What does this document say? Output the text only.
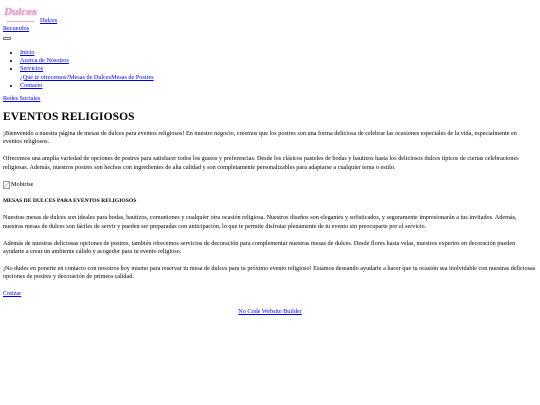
Dulces
Dulces
Recuerdos
• Inicio
• Acerca de Nosotros
• Servicios
¿Qué te ofrecemos?Mesas de DulcesMesas de Postres
• Contacto
Redes Sociales
EVENTOS RELIGIOSOS

¡Bienvenido a nuestra página de mesas de dulces para eventos religiosos! En nuestro negocio, creemos que los postres son una forma deliciosa de celebrar las ocasiones especiales de la vida, especialmente en eventos religiosos.

Ofrecemos una amplia variedad de opciones de postres para satisfacer todos los gustos y preferencias. Desde los clásicos pasteles de bodas y bautizos hasta los deliciosos dulces típicos de ciertas celebraciones religiosas. Además, nuestros postres son hechos con ingredientes de alta calidad y son completamente personalizables para adaptarse a cualquier tema o estilo.

Mobirise

MESAS DE DULCES PARA EVENTOS RELIGIOSOS

Nuestras mesas de dulces son ideales para bodas, bautizos, comuniones y cualquier otra ocasión religiosa. Nuestros diseños son elegantes y sofisticados, y seguramente impresionarán a tus invitados. Además, nuestras mesas de dulces son fáciles de servir y pueden ser preparadas con anticipación, lo que te permite disfrutar plenamente de tu evento sin preocuparte por el servicio.

Además de nuestras deliciosas opciones de postres, también ofrecemos servicios de decoración para complementar nuestras mesas de dulces. Desde flores hasta velas, nuestros expertos en decoración pueden ayudarte a crear un ambiente cálido y acogedor para tu evento religioso.

¡No dudes en ponerte en contacto con nosotros hoy mismo para reservar tu mesa de dulces para tu próximo evento religioso! Estamos deseando ayudarte a hacer que tu ocasión sea inolvidable con nuestras deliciosas opciones de postres y decoración de primera calidad.

Cotizar

No Code Website Builder
